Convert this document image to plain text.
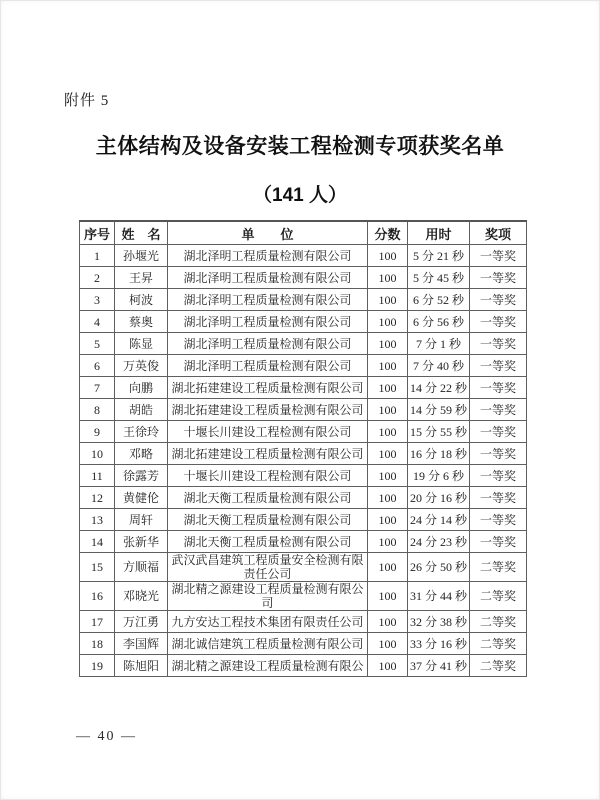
附件 5
主体结构及设备安装工程检测专项获奖名单
（141 人）
序号	姓　名	单　　位	分数	用时	奖项
1	孙堰光	湖北泽明工程质量检测有限公司	100	5 分 21 秒	一等奖
2	王昇	湖北泽明工程质量检测有限公司	100	5 分 45 秒	一等奖
3	柯波	湖北泽明工程质量检测有限公司	100	6 分 52 秒	一等奖
4	蔡奥	湖北泽明工程质量检测有限公司	100	6 分 56 秒	一等奖
5	陈显	湖北泽明工程质量检测有限公司	100	7 分 1 秒	一等奖
6	万英俊	湖北泽明工程质量检测有限公司	100	7 分 40 秒	一等奖
7	向鹏	湖北拓建建设工程质量检测有限公司	100	14 分 22 秒	一等奖
8	胡皓	湖北拓建建设工程质量检测有限公司	100	14 分 59 秒	一等奖
9	王徐玲	十堰长川建设工程检测有限公司	100	15 分 55 秒	一等奖
10	邓略	湖北拓建建设工程质量检测有限公司	100	16 分 18 秒	一等奖
11	徐露芳	十堰长川建设工程检测有限公司	100	19 分 6 秒	一等奖
12	黄健伦	湖北天衡工程质量检测有限公司	100	20 分 16 秒	一等奖
13	周轩	湖北天衡工程质量检测有限公司	100	24 分 14 秒	一等奖
14	张新华	湖北天衡工程质量检测有限公司	100	24 分 23 秒	一等奖
15	方顺福	武汉武昌建筑工程质量安全检测有限责任公司	100	26 分 50 秒	二等奖
16	邓晓光	湖北精之源建设工程质量检测有限公司	100	31 分 44 秒	二等奖
17	万江勇	九方安达工程技术集团有限责任公司	100	32 分 38 秒	二等奖
18	李国辉	湖北诚信建筑工程质量检测有限公司	100	33 分 16 秒	二等奖
19	陈旭阳	湖北精之源建设工程质量检测有限公	100	37 分 41 秒	二等奖
— 40 —
